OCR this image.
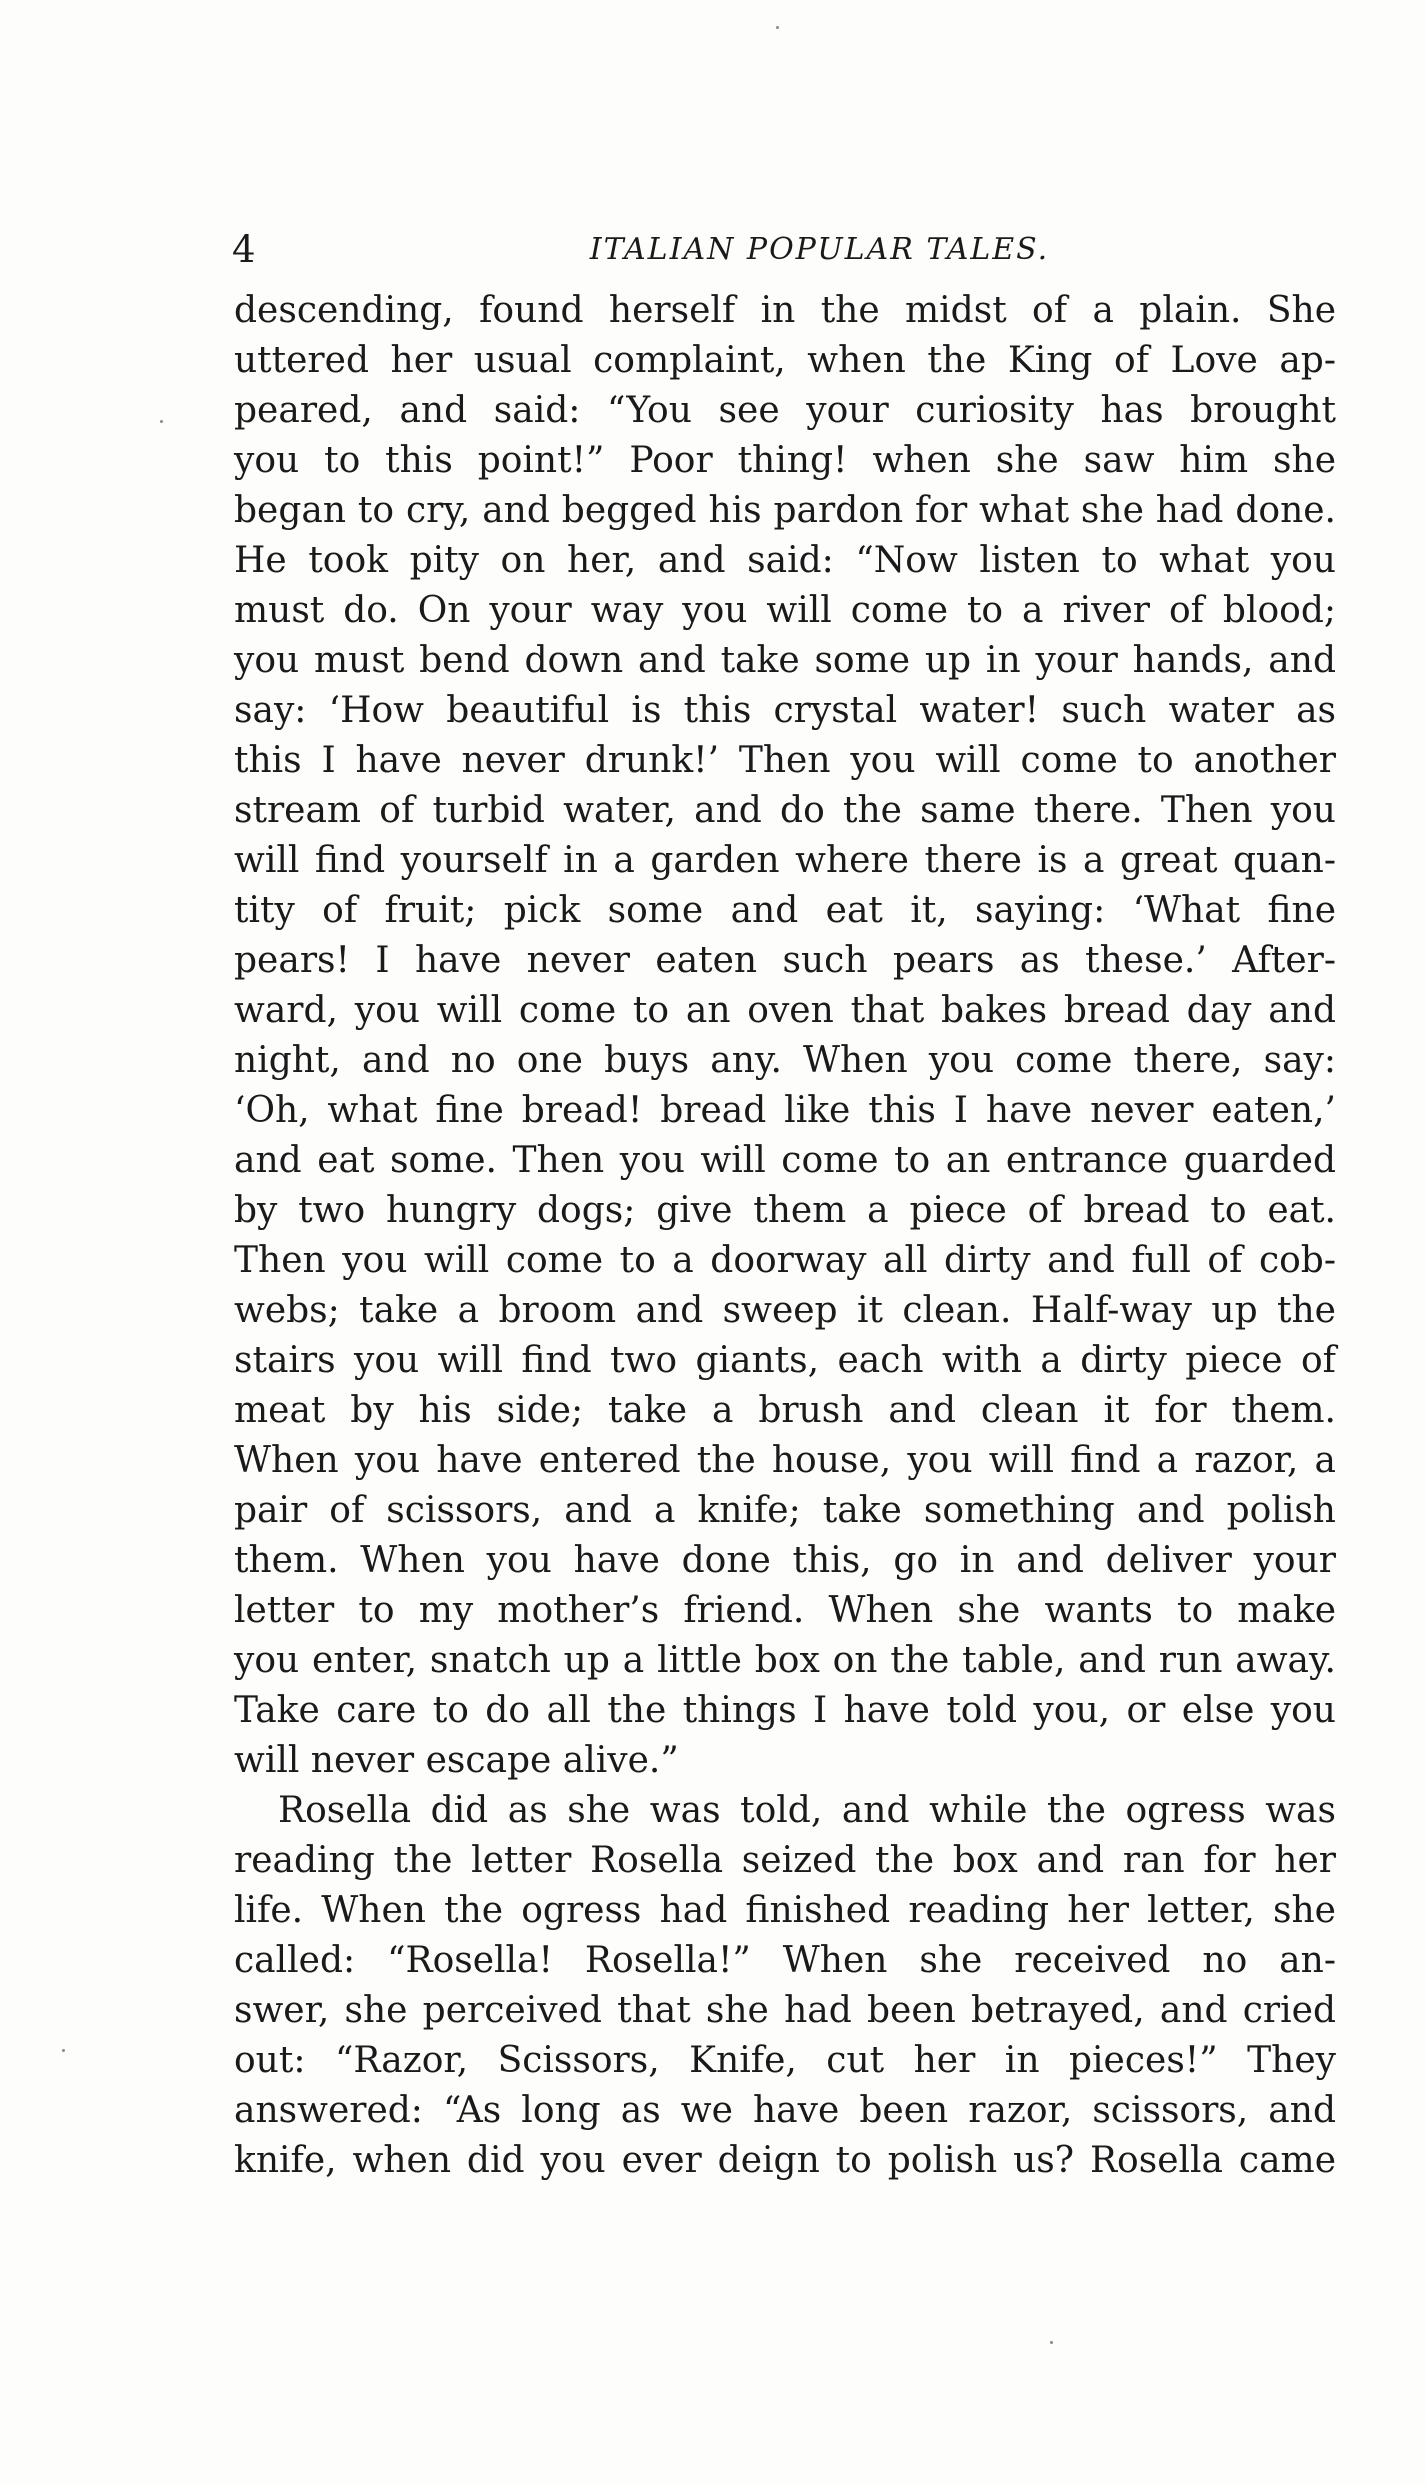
4	ITALIAN POPULAR TALES.
descending, found herself in the midst of a plain. She
uttered her usual complaint, when the King of Love ap-
peared, and said: “You see your curiosity has brought
you to this point!” Poor thing! when she saw him she
began to cry, and begged his pardon for what she had done.
He took pity on her, and said: “Now listen to what you
must do. On your way you will come to a river of blood;
you must bend down and take some up in your hands, and
say: ‘How beautiful is this crystal water! such water as
this I have never drunk!’ Then you will come to another
stream of turbid water, and do the same there. Then you
will find yourself in a garden where there is a great quan-
tity of fruit; pick some and eat it, saying: ‘What fine
pears! I have never eaten such pears as these.’ After-
ward, you will come to an oven that bakes bread day and
night, and no one buys any. When you come there, say:
‘Oh, what fine bread! bread like this I have never eaten,’
and eat some. Then you will come to an entrance guarded
by two hungry dogs; give them a piece of bread to eat.
Then you will come to a doorway all dirty and full of cob-
webs; take a broom and sweep it clean. Half-way up the
stairs you will find two giants, each with a dirty piece of
meat by his side; take a brush and clean it for them.
When you have entered the house, you will find a razor, a
pair of scissors, and a knife; take something and polish
them. When you have done this, go in and deliver your
letter to my mother’s friend. When she wants to make
you enter, snatch up a little box on the table, and run away.
Take care to do all the things I have told you, or else you
will never escape alive.”
Rosella did as she was told, and while the ogress was
reading the letter Rosella seized the box and ran for her
life. When the ogress had finished reading her letter, she
called: “Rosella! Rosella!” When she received no an-
swer, she perceived that she had been betrayed, and cried
out: “Razor, Scissors, Knife, cut her in pieces!” They
answered: “As long as we have been razor, scissors, and
knife, when did you ever deign to polish us? Rosella came
